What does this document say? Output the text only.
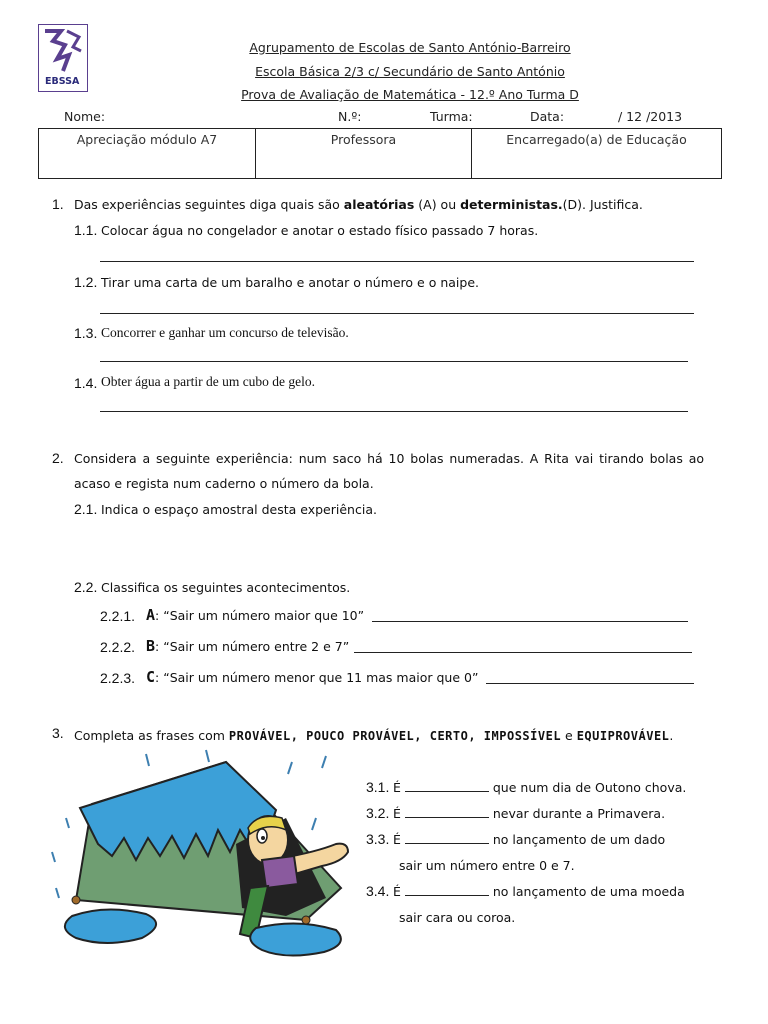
EBSSA
Agrupamento de Escolas de Santo António-Barreiro
Escola Básica 2/3 c/ Secundário de Santo António
Prova de Avaliação de Matemática - 12.º Ano Turma D
Nome:	N.º:	Turma:	Data:	/ 12 /2013
Apreciação módulo A7	Professora	Encarregado(a) de Educação
1. Das experiências seguintes diga quais são aleatórias (A) ou deterministas.(D). Justifica.
1.1. Colocar água no congelador e anotar o estado físico passado 7 horas.
1.2. Tirar uma carta de um baralho e anotar o número e o naipe.
1.3. Concorrer e ganhar um concurso de televisão.
1.4. Obter água a partir de um cubo de gelo.
2. Considera a seguinte experiência: num saco há 10 bolas numeradas. A Rita vai tirando bolas ao
acaso e regista num caderno o número da bola.
2.1. Indica o espaço amostral desta experiência.
2.2. Classifica os seguintes acontecimentos.
2.2.1. A: “Sair um número maior que 10”
2.2.2. B: “Sair um número entre 2 e 7”
2.2.3. C: “Sair um número menor que 11 mas maior que 0”
3. Completa as frases com PROVÁVEL, POUCO PROVÁVEL, CERTO, IMPOSSÍVEL e EQUIPROVÁVEL.
3.1. É	que num dia de Outono chova.
3.2. É	nevar durante a Primavera.
3.3. É	no lançamento de um dado
sair um número entre 0 e 7.
3.4. É	no lançamento de uma moeda
sair cara ou coroa.
